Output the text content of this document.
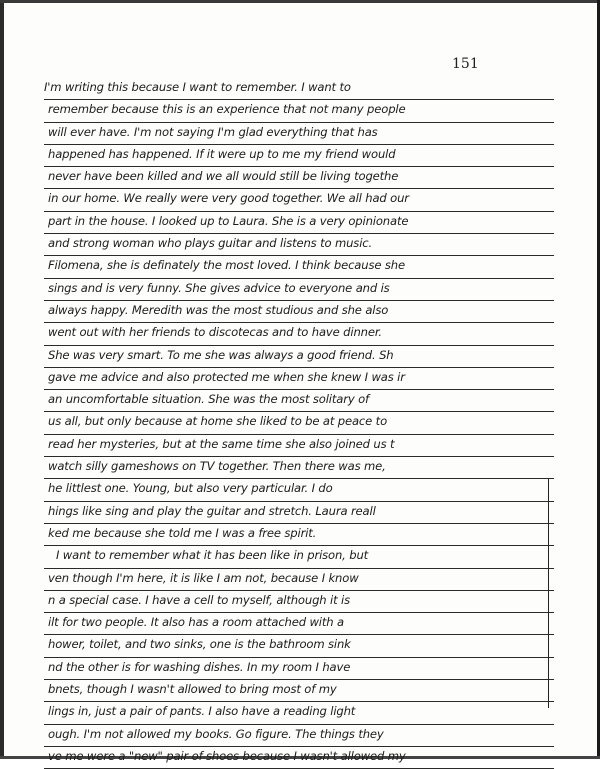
151
I'm writing this because I want to remember. I want to
remember because this is an experience that not many people
will ever have. I'm not saying I'm glad everything that has
happened has happened. If it were up to me my friend would
never have been killed and we all would still be living togethe
in our home. We really were very good together. We all had our
part in the house. I looked up to Laura. She is a very opinionate
and strong woman who plays guitar and listens to music.
Filomena, she is definately the most loved. I think because she
sings and is very funny. She gives advice to everyone and is
always happy. Meredith was the most studious and she also
went out with her friends to discotecas and to have dinner.
She was very smart. To me she was always a good friend. Sh
gave me advice and also protected me when she knew I was ir
an uncomfortable situation. She was the most solitary of
us all, but only because at home she liked to be at peace to
read her mysteries, but at the same time she also joined us t
watch silly gameshows on TV together. Then there was me,
he littlest one. Young, but also very particular. I do
hings like sing and play the guitar and stretch. Laura reall
ked me because she told me I was a free spirit.
I want to remember what it has been like in prison, but
ven though I'm here, it is like I am not, because I know
n a special case. I have a cell to myself, although it is
ilt for two people. It also has a room attached with a
hower, toilet, and two sinks, one is the bathroom sink
nd the other is for washing dishes. In my room I have
bnets, though I wasn't allowed to bring most of my
lings in, just a pair of pants. I also have a reading light
ough. I'm not allowed my books. Go figure. The things they
ve me were a "new" pair of shoes because I wasn't allowed my
